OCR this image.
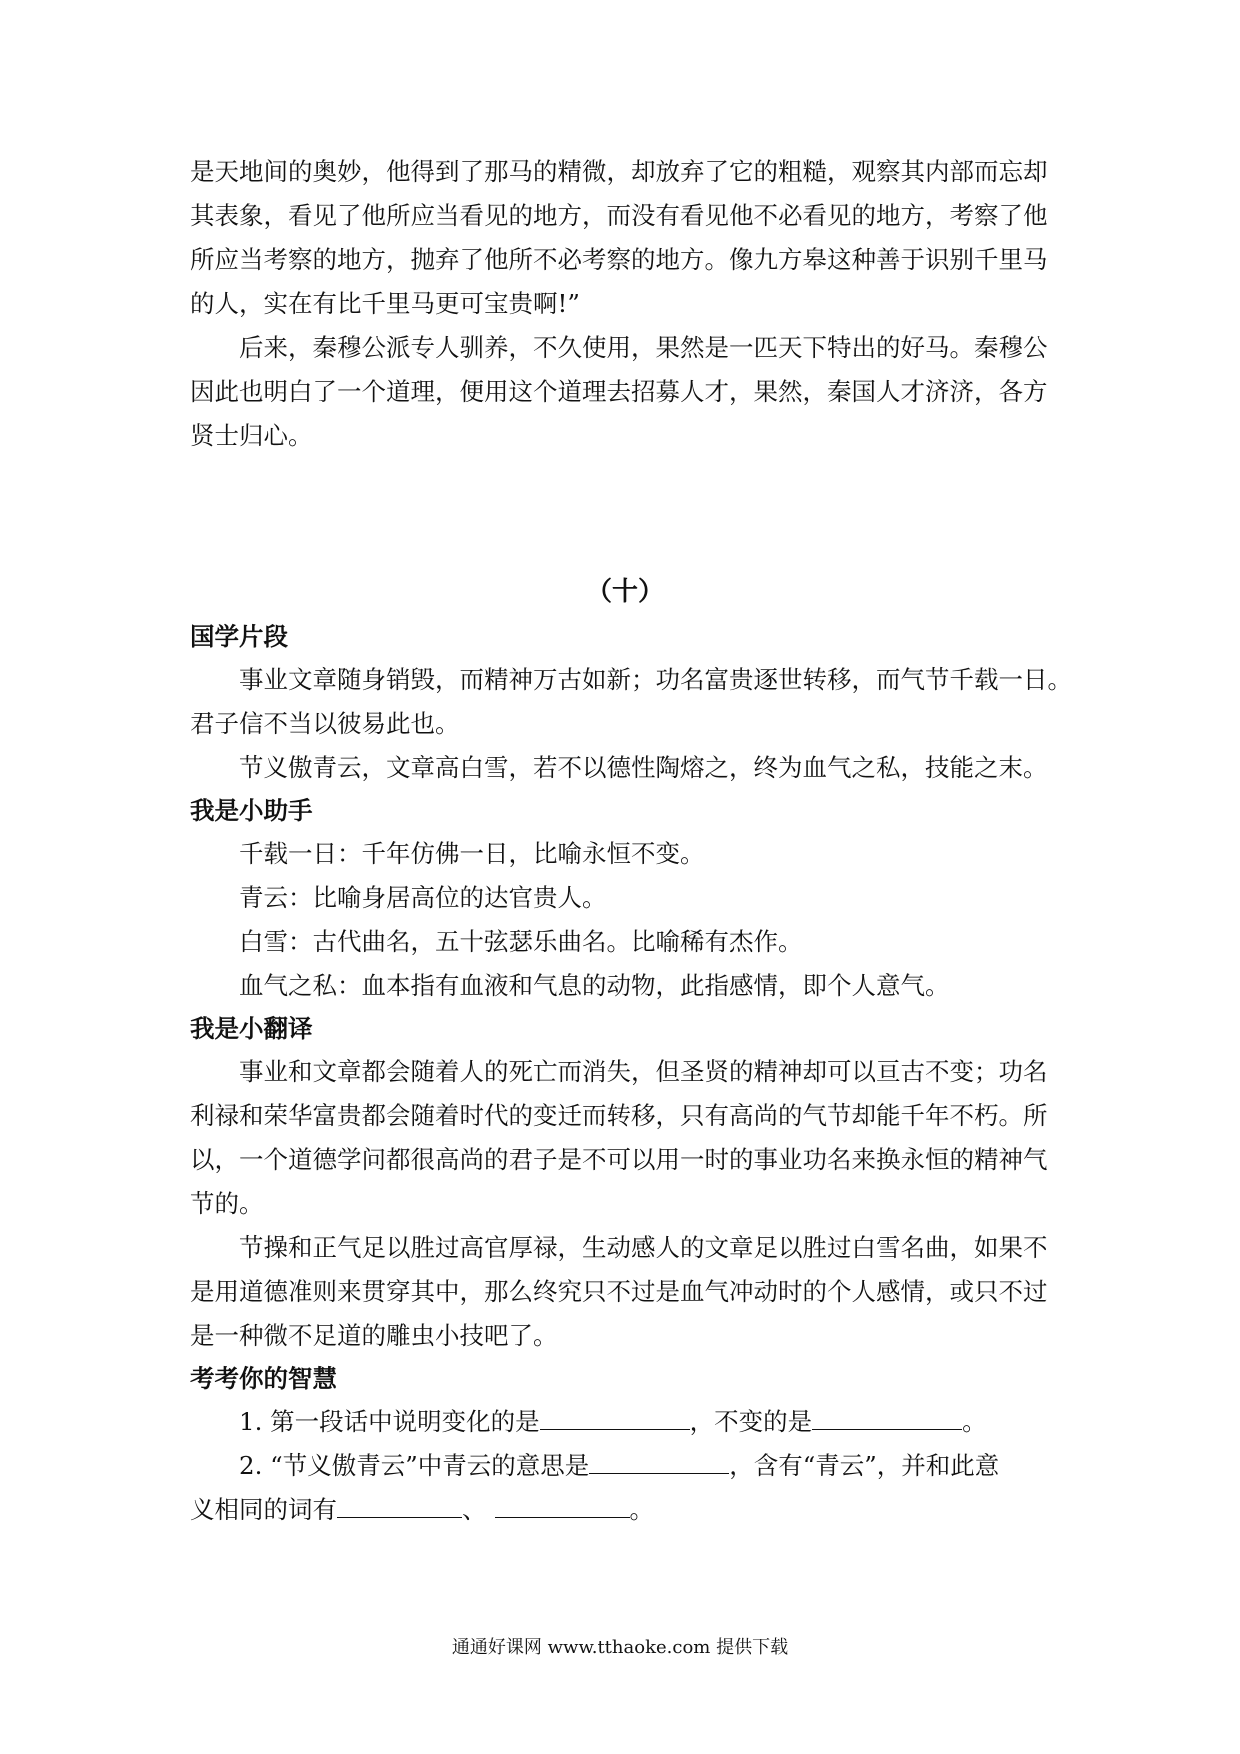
是天地间的奥妙，他得到了那马的精微，却放弃了它的粗糙，观察其内部而忘却
其表象，看见了他所应当看见的地方，而没有看见他不必看见的地方，考察了他
所应当考察的地方，抛弃了他所不必考察的地方。像九方皋这种善于识别千里马
的人，实在有比千里马更可宝贵啊!”
后来，秦穆公派专人驯养，不久使用，果然是一匹天下特出的好马。秦穆公
因此也明白了一个道理，便用这个道理去招募人才，果然，秦国人才济济，各方
贤士归心。
（十）
国学片段
事业文章随身销毁，而精神万古如新；功名富贵逐世转移，而气节千载一日。
君子信不当以彼易此也。
节义傲青云，文章高白雪，若不以德性陶熔之，终为血气之私，技能之末。
我是小助手
千载一日：千年仿佛一日，比喻永恒不变。
青云：比喻身居高位的达官贵人。
白雪：古代曲名，五十弦瑟乐曲名。比喻稀有杰作。
血气之私：血本指有血液和气息的动物，此指感情，即个人意气。
我是小翻译
事业和文章都会随着人的死亡而消失，但圣贤的精神却可以亘古不变；功名
利禄和荣华富贵都会随着时代的变迁而转移，只有高尚的气节却能千年不朽。所
以，一个道德学问都很高尚的君子是不可以用一时的事业功名来换永恒的精神气
节的。
节操和正气足以胜过高官厚禄，生动感人的文章足以胜过白雪名曲，如果不
是用道德准则来贯穿其中，那么终究只不过是血气冲动时的个人感情，或只不过
是一种微不足道的雕虫小技吧了。
考考你的智慧
1. 第一段话中说明变化的是	，不变的是	。
2. “节义傲青云”中青云的意思是	，含有“青云”，并和此意
义相同的词有	、	。
通通好课网 www.tthaoke.com 提供下载
